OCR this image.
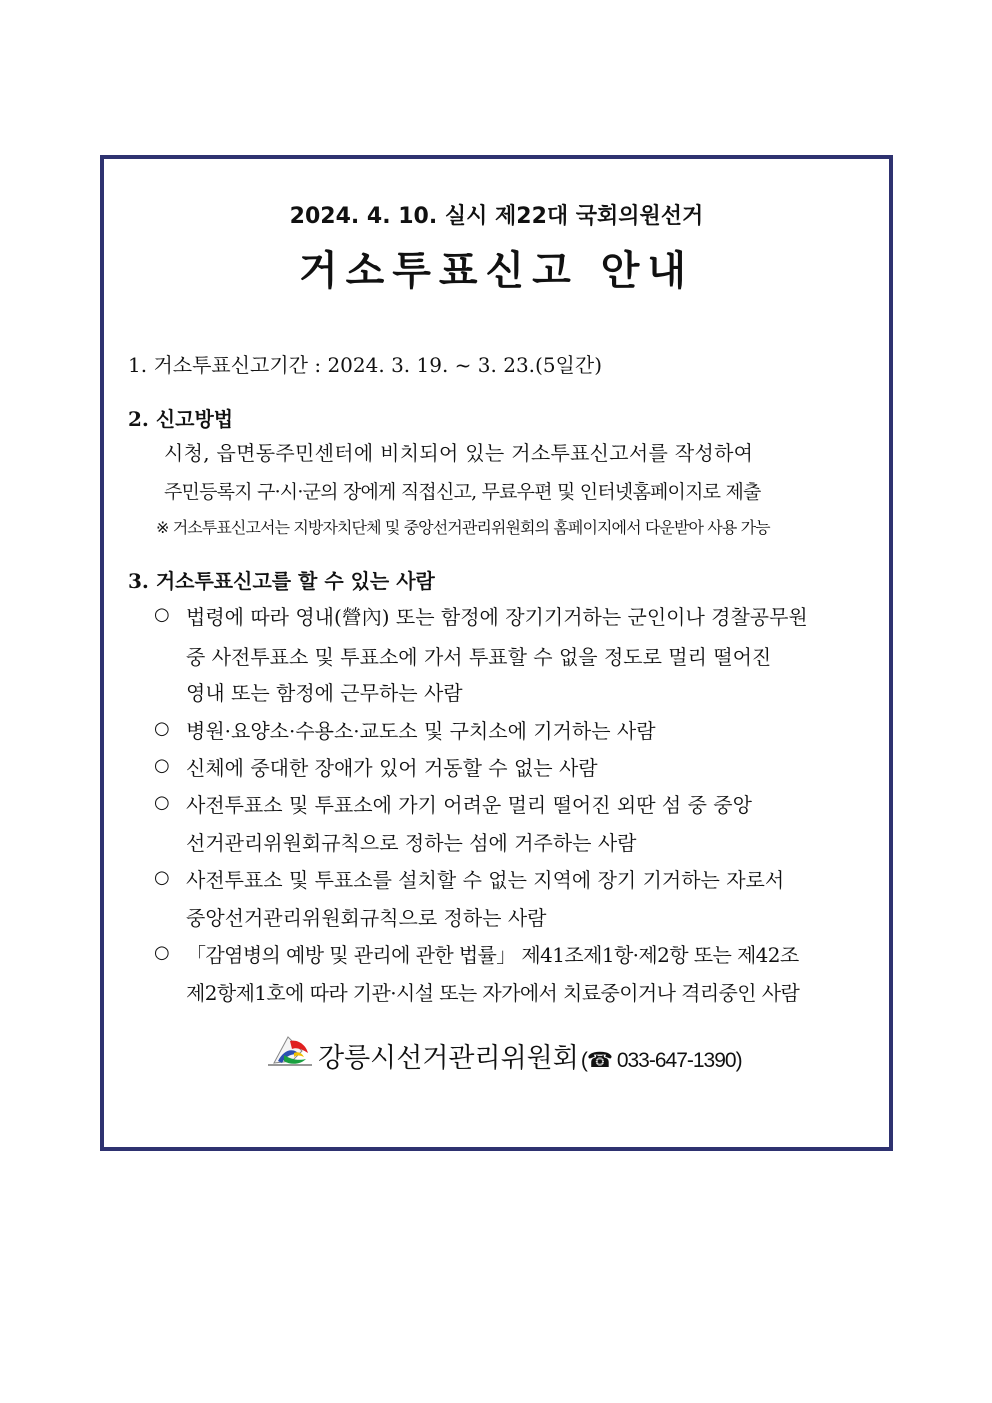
2024. 4. 10. 실시 제22대 국회의원선거
거소투표신고 안내
1. 거소투표신고기간 : 2024. 3. 19. ~ 3. 23.(5일간)
2. 신고방법
시청, 읍면동주민센터에 비치되어 있는 거소투표신고서를 작성하여
주민등록지 구·시·군의 장에게 직접신고, 무료우편 및 인터넷홈페이지로 제출
※ 거소투표신고서는 지방자치단체 및 중앙선거관리위원회의 홈페이지에서 다운받아 사용 가능
3. 거소투표신고를 할 수 있는 사람
○ 법령에 따라 영내(營內) 또는 함정에 장기기거하는 군인이나 경찰공무원
중 사전투표소 및 투표소에 가서 투표할 수 없을 정도로 멀리 떨어진
영내 또는 함정에 근무하는 사람
○ 병원·요양소·수용소·교도소 및 구치소에 기거하는 사람
○ 신체에 중대한 장애가 있어 거동할 수 없는 사람
○ 사전투표소 및 투표소에 가기 어려운 멀리 떨어진 외딴 섬 중 중앙
선거관리위원회규칙으로 정하는 섬에 거주하는 사람
○ 사전투표소 및 투표소를 설치할 수 없는 지역에 장기 기거하는 자로서
중앙선거관리위원회규칙으로 정하는 사람
○ 「감염병의 예방 및 관리에 관한 법률」 제41조제1항·제2항 또는 제42조
제2항제1호에 따라 기관·시설 또는 자가에서 치료중이거나 격리중인 사람
강릉시선거관리위원회 (☎ 033-647-1390)
